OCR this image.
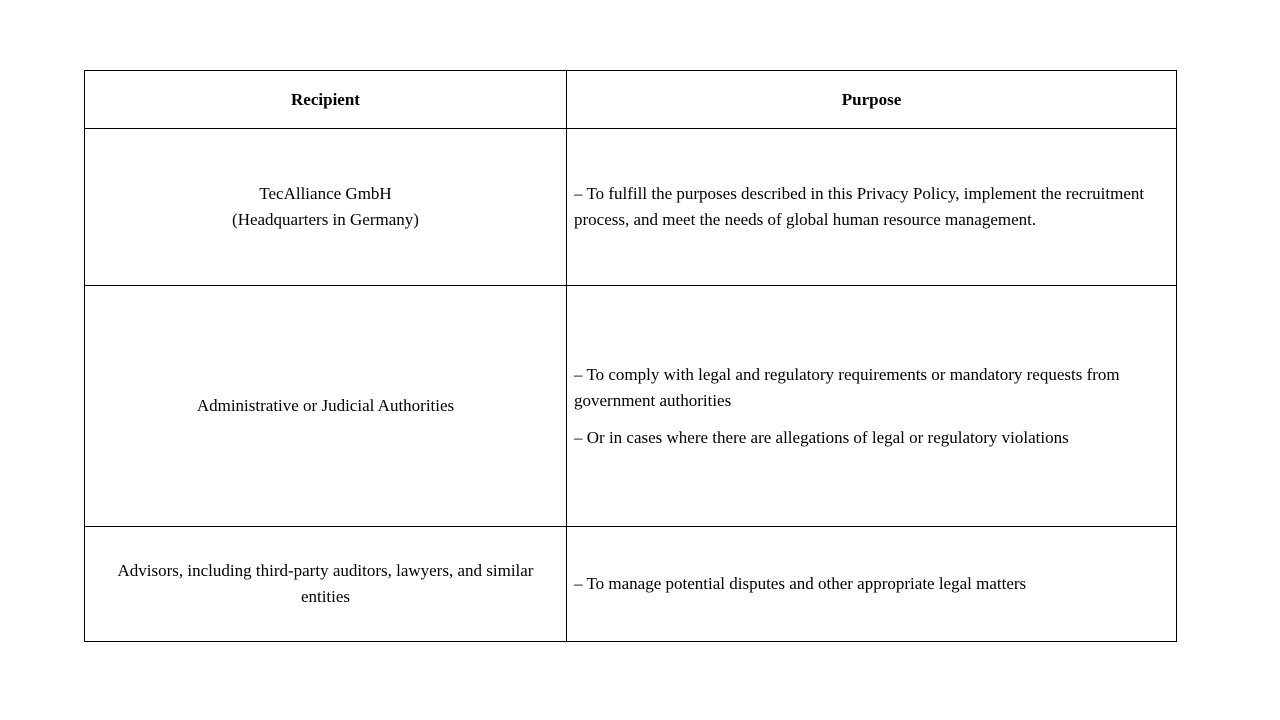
Recipient	Purpose

TecAlliance GmbH
(Headquarters in Germany)	– To fulfill the purposes described in this Privacy Policy, implement the recruitment process, and meet the needs of global human resource management.

Administrative or Judicial Authorities	– To comply with legal and regulatory requirements or mandatory requests from government authorities

– Or in cases where there are allegations of legal or regulatory violations

Advisors, including third-party auditors, lawyers, and similar entities	– To manage potential disputes and other appropriate legal matters
